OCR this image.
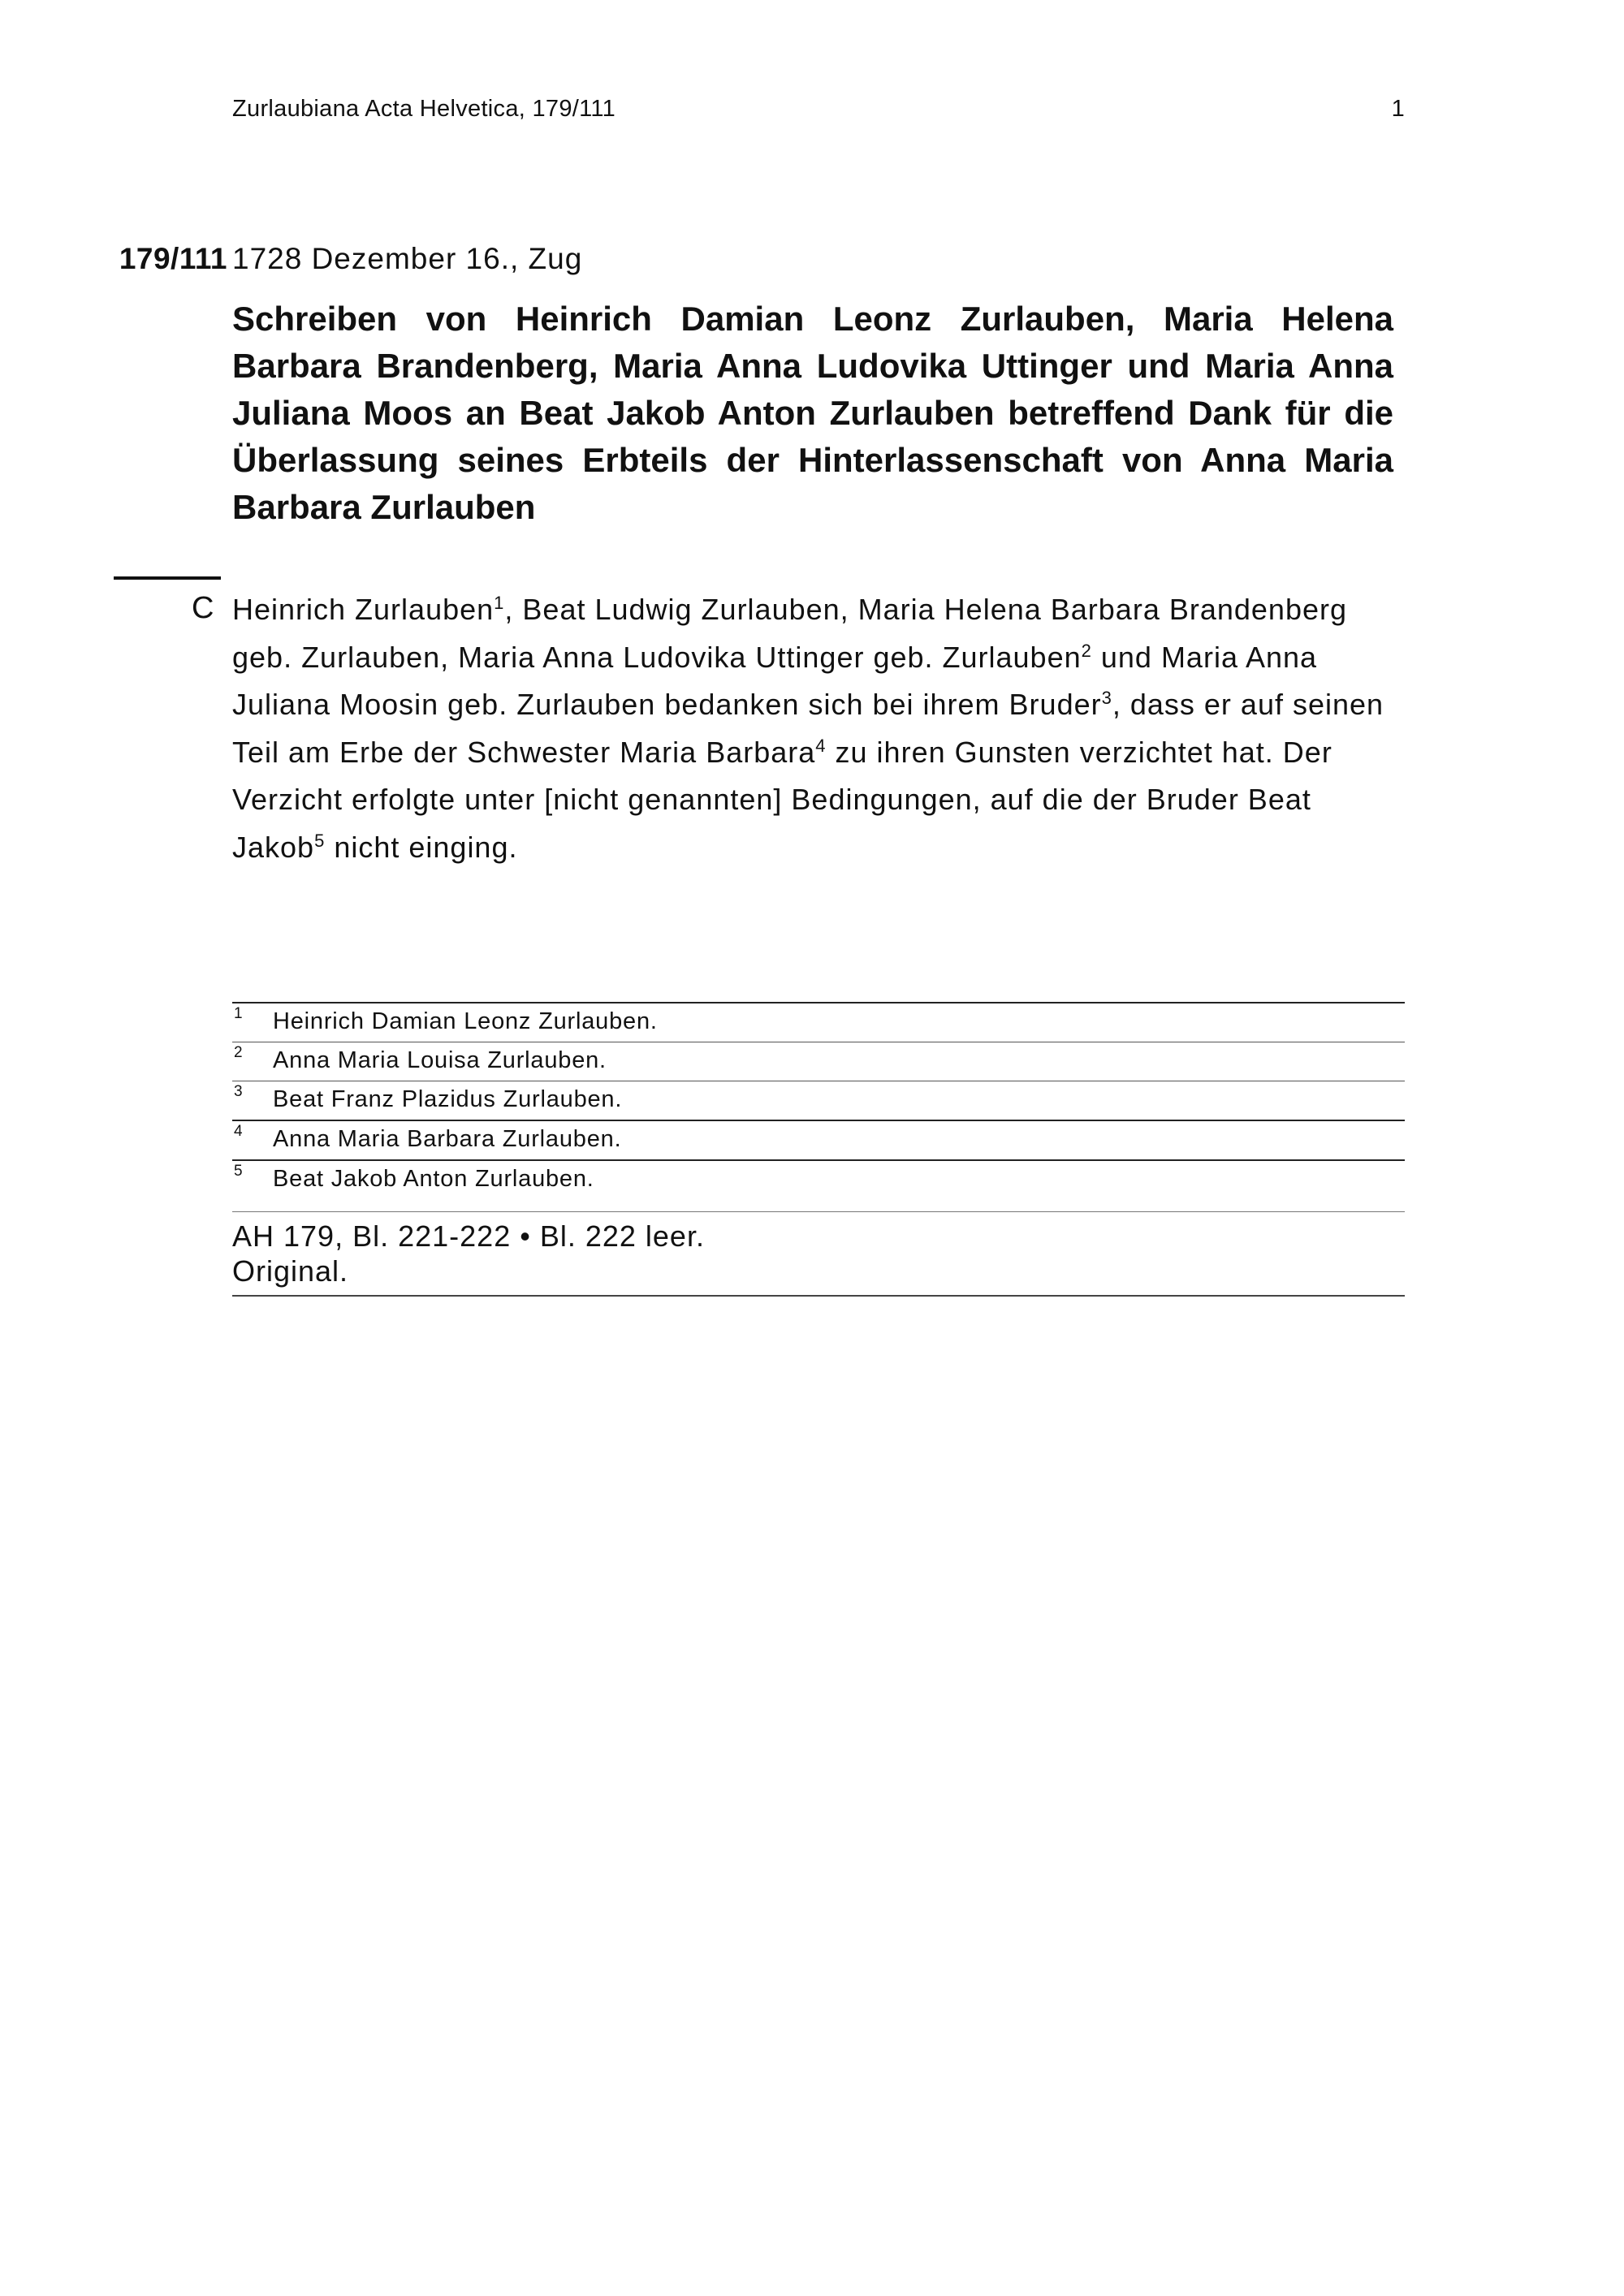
Zurlaubiana Acta Helvetica, 179/111	1
179/111 1728 Dezember 16., Zug
Schreiben von Heinrich Damian Leonz Zurlauben, Maria Helena Barbara Brandenberg, Maria Anna Ludovika Uttinger und Maria Anna Juliana Moos an Beat Jakob Anton Zurlauben betreffend Dank für die Überlassung seines Erbteils der Hinterlassenschaft von Anna Maria Barbara Zurlauben
C Heinrich Zurlauben$^1$, Beat Ludwig Zurlauben, Maria Helena Barbara Brandenberg geb. Zurlauben, Maria Anna Ludovika Uttinger geb. Zurlauben$^2$ und Maria Anna Juliana Moosin geb. Zurlauben bedanken sich bei ihrem Bruder$^3$, dass er auf seinen Teil am Erbe der Schwester Maria Barbara$^4$ zu ihren Gunsten verzichtet hat. Der Verzicht erfolgte unter [nicht genannten] Bedingungen, auf die der Bruder Beat Jakob$^5$ nicht einging.

1 Heinrich Damian Leonz Zurlauben.
2 Anna Maria Louisa Zurlauben.
3 Beat Franz Plazidus Zurlauben.
4 Anna Maria Barbara Zurlauben.
5 Beat Jakob Anton Zurlauben.
AH 179, Bl. 221-222 • Bl. 222 leer.
Original.
